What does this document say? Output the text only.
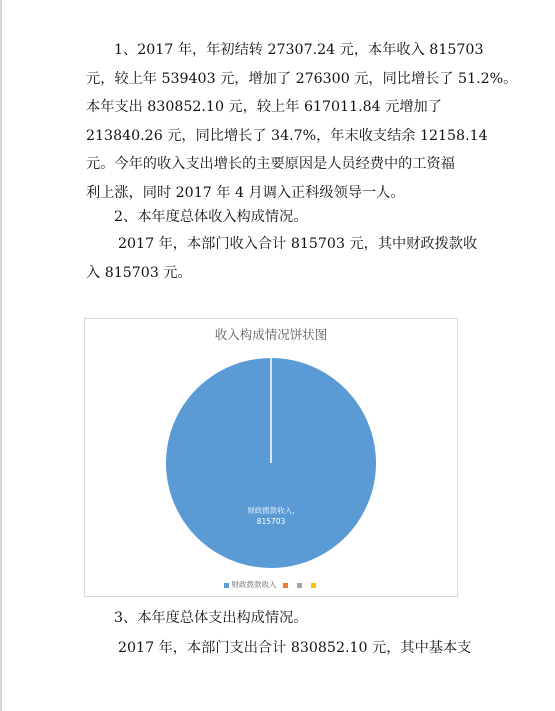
1、2017 年，年初结转 27307.24 元，本年收入 815703
元，较上年 539403 元，增加了 276300 元，同比增长了 51.2%。
本年支出 830852.10 元，较上年 617011.84 元增加了
213840.26 元，同比增长了 34.7%，年末收支结余 12158.14
元。今年的收入支出增长的主要原因是人员经费中的工资福
利上涨，同时 2017 年 4 月调入正科级领导一人。
2、本年度总体收入构成情况。
2017 年，本部门收入合计 815703 元，其中财政拨款收
入 815703 元。
收入构成情况饼状图
财政拨款收入,
815703
财政拨款收入
3、本年度总体支出构成情况。
2017 年，本部门支出合计 830852.10 元，其中基本支
